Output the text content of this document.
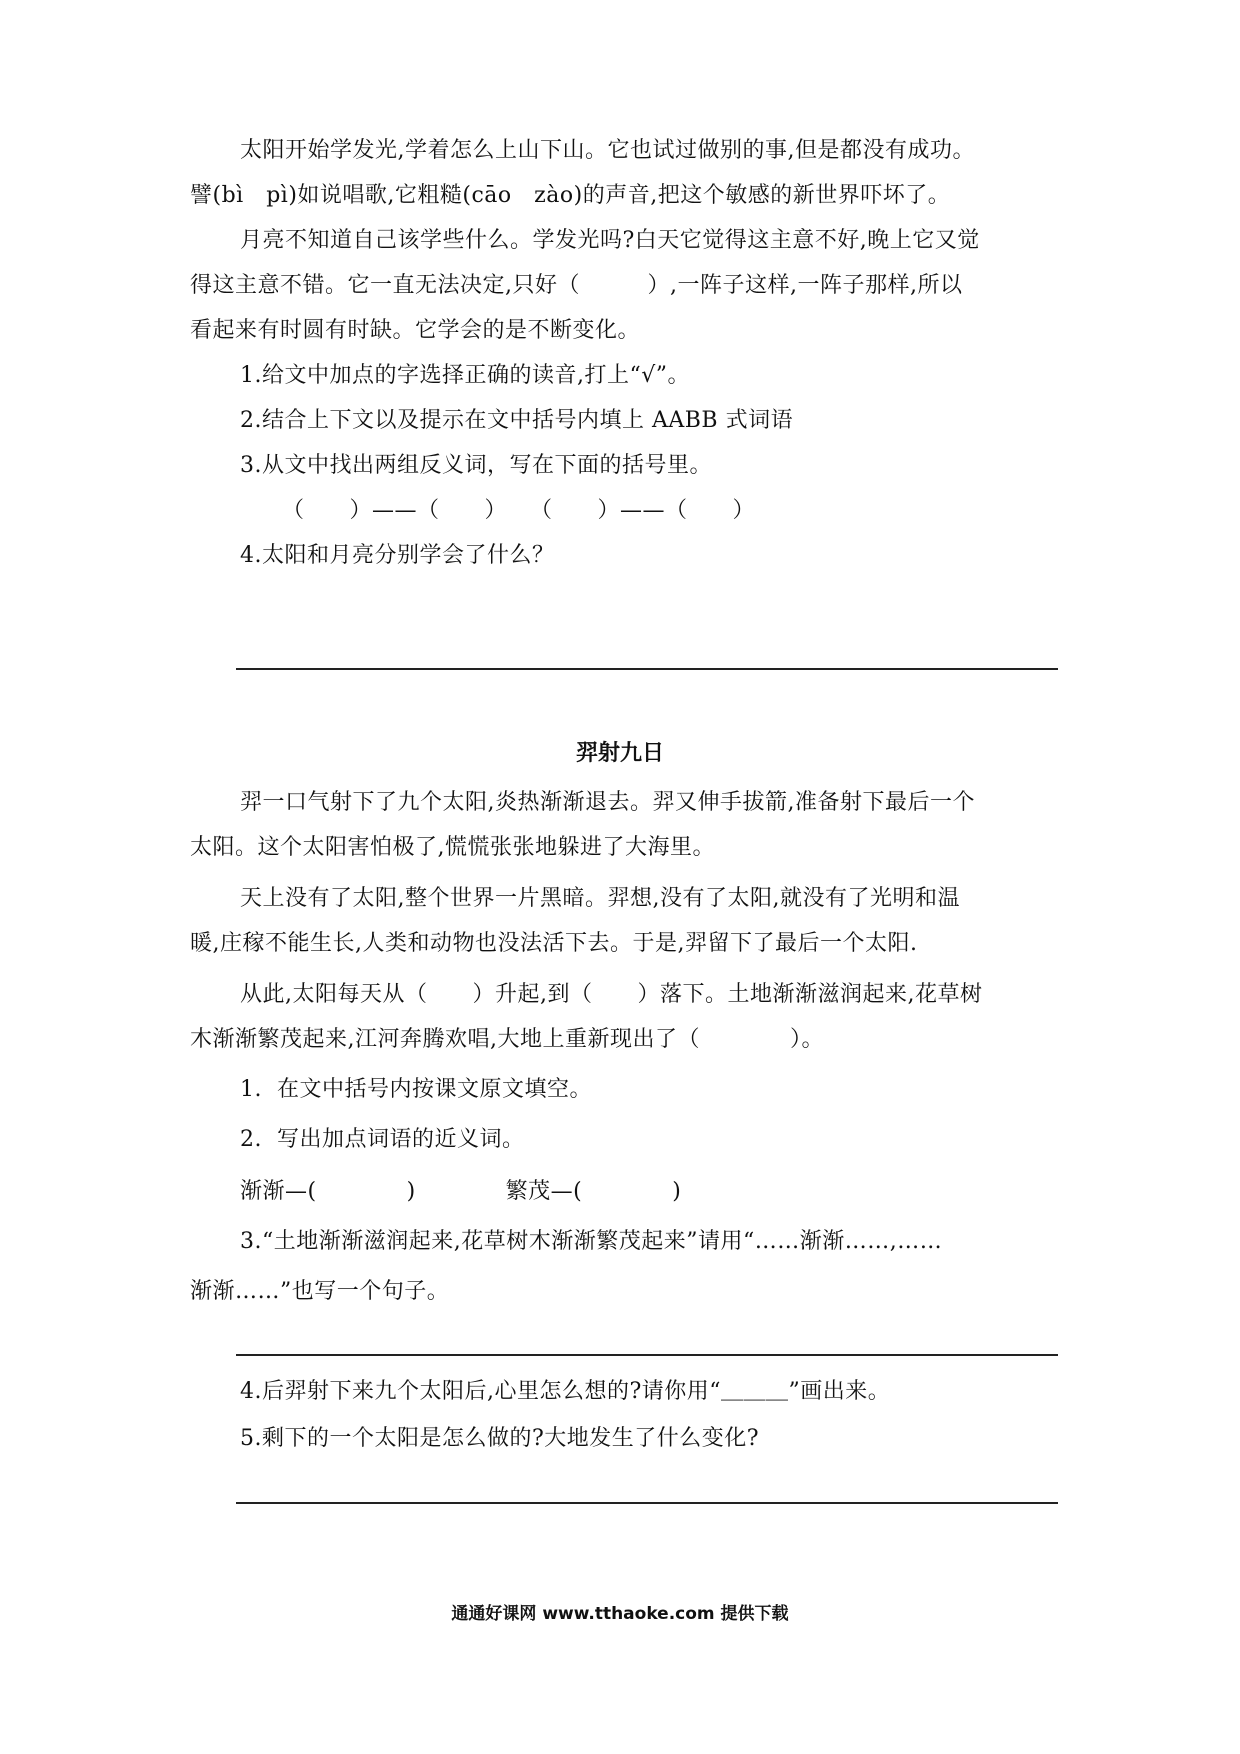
太阳开始学发光,学着怎么上山下山。它也试过做别的事,但是都没有成功。
譬(bì　pì)如说唱歌,它粗糙(cāo　zào)的声音,把这个敏感的新世界吓坏了。
月亮不知道自己该学些什么。学发光吗?白天它觉得这主意不好,晚上它又觉
得这主意不错。它一直无法决定,只好（　　　）,一阵子这样,一阵子那样,所以
看起来有时圆有时缺。它学会的是不断变化。
1.给文中加点的字选择正确的读音,打上“√”。
2.结合上下文以及提示在文中括号内填上 AABB 式词语
3.从文中找出两组反义词，写在下面的括号里。
（　　）——（　　）　　（　　）——（　　）
4.太阳和月亮分别学会了什么？
羿射九日
羿一口气射下了九个太阳,炎热渐渐退去。羿又伸手拔箭,准备射下最后一个
太阳。这个太阳害怕极了,慌慌张张地躲进了大海里。
天上没有了太阳,整个世界一片黑暗。羿想,没有了太阳,就没有了光明和温
暖,庄稼不能生长,人类和动物也没法活下去。于是,羿留下了最后一个太阳.
从此,太阳每天从（　　）升起,到（　　）落下。土地渐渐滋润起来,花草树
木渐渐繁茂起来,江河奔腾欢唱,大地上重新现出了（　　　　）。
1.  在文中括号内按课文原文填空。
2.  写出加点词语的近义词。
渐渐—(　　　　)　　　　繁茂—(　　　　)
3.“土地渐渐滋润起来,花草树木渐渐繁茂起来”请用“……渐渐……,……
渐渐……”也写一个句子。
4.后羿射下来九个太阳后,心里怎么想的?请你用“＿＿＿”画出来。
5.剩下的一个太阳是怎么做的?大地发生了什么变化?
通通好课网 www.tthaoke.com 提供下载
